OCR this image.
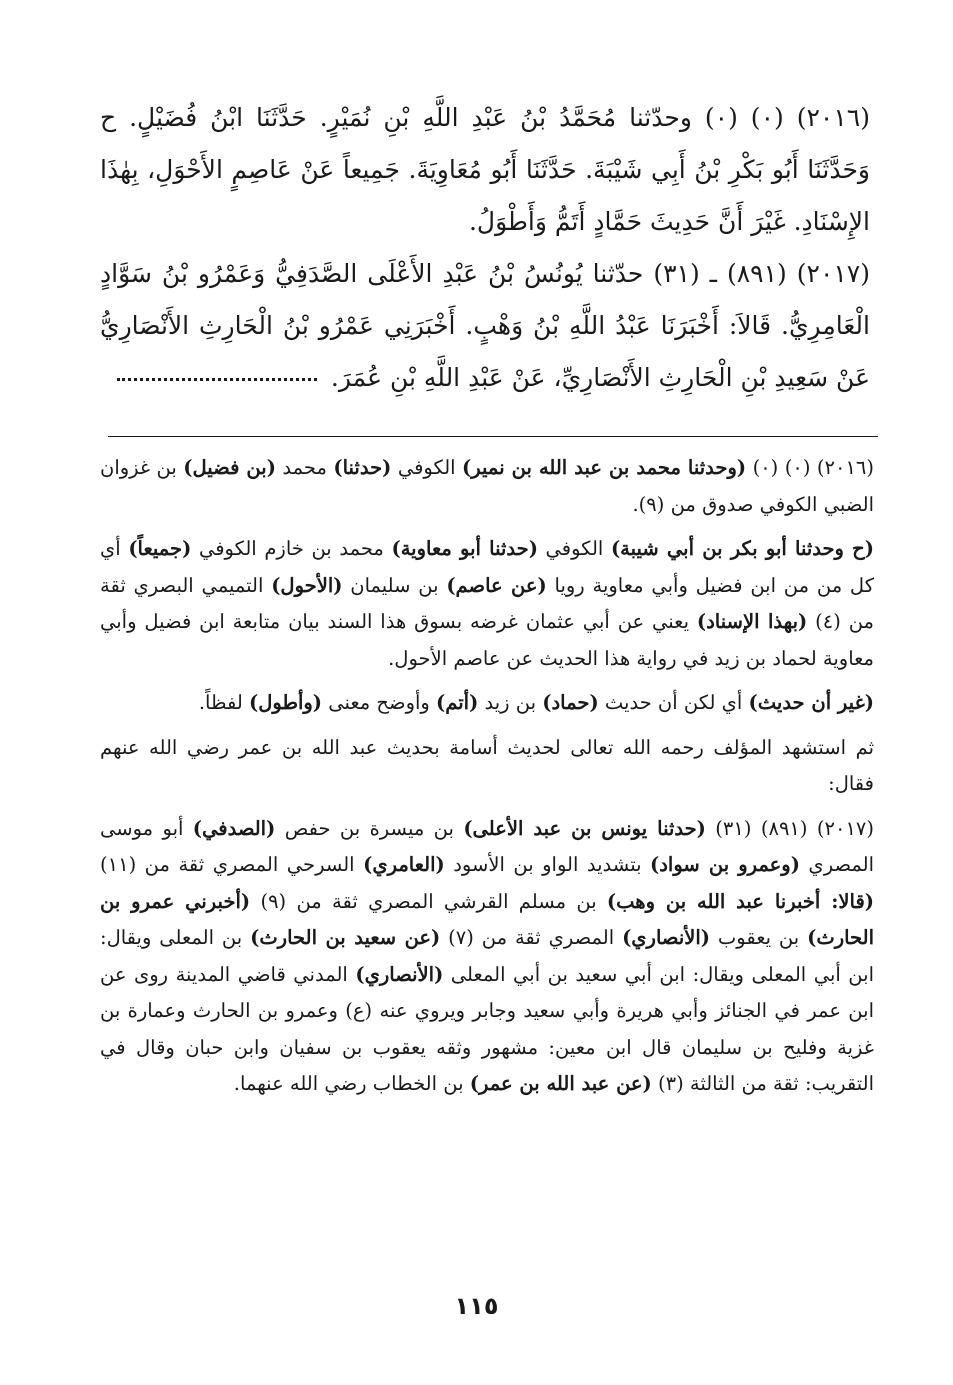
(٢٠١٦) (٠) (٠) وحدّثنا مُحَمَّدُ بْنُ عَبْدِ اللَّهِ بْنِ نُمَيْرٍ. حَدَّثَنَا ابْنُ فُضَيْلٍ. ح وَحَدَّثَنَا أَبُو بَكْرِ بْنُ أَبِي شَيْبَةَ. حَدَّثَنَا أَبُو مُعَاوِيَةَ. جَمِيعاً عَنْ عَاصِمٍ الأَحْوَلِ، بِهٰذَا الإِسْنَادِ. غَيْرَ أَنَّ حَدِيثَ حَمَّادٍ أَتَمُّ وَأَطْوَلُ.

(٢٠١٧) (٨٩١) ـ (٣١) حدّثنا يُونُسُ بْنُ عَبْدِ الأَعْلَى الصَّدَفِيُّ وَعَمْرُو بْنُ سَوَّادٍ الْعَامِرِيُّ. قَالاَ: أَخْبَرَنَا عَبْدُ اللَّهِ بْنُ وَهْبٍ. أَخْبَرَنِي عَمْرُو بْنُ الْحَارِثِ الأَنْصَارِيُّ عَنْ سَعِيدِ بْنِ الْحَارِثِ الأَنْصَارِيِّ، عَنْ عَبْدِ اللَّهِ بْنِ عُمَرَ.

(٢٠١٦) (٠) (٠) (وحدثنا محمد بن عبد الله بن نمير) الكوفي (حدثنا) محمد (بن فضيل) بن غزوان الضبي الكوفي صدوق من (٩).

(ح وحدثنا أبو بكر بن أبي شيبة) الكوفي (حدثنا أبو معاوية) محمد بن خازم الكوفي (جميعاً) أي كل من من ابن فضيل وأبي معاوية رويا (عن عاصم) بن سليمان (الأحول) التميمي البصري ثقة من (٤) (بهذا الإسناد) يعني عن أبي عثمان غرضه بسوق هذا السند بيان متابعة ابن فضيل وأبي معاوية لحماد بن زيد في رواية هذا الحديث عن عاصم الأحول.

(غير أن حديث) أي لكن أن حديث (حماد) بن زيد (أتم) وأوضح معنى (وأطول) لفظاً.

ثم استشهد المؤلف رحمه الله تعالى لحديث أسامة بحديث عبد الله بن عمر رضي الله عنهم فقال:

(٢٠١٧) (٨٩١) (٣١) (حدثنا يونس بن عبد الأعلى) بن ميسرة بن حفص (الصدفي) أبو موسى المصري (وعمرو بن سواد) بتشديد الواو بن الأسود (العامري) السرحي المصري ثقة من (١١) (قالا: أخبرنا عبد الله بن وهب) بن مسلم القرشي المصري ثقة من (٩) (أخبرني عمرو بن الحارث) بن يعقوب (الأنصاري) المصري ثقة من (٧) (عن سعيد بن الحارث) بن المعلى ويقال: ابن أبي المعلى ويقال: ابن أبي سعيد بن أبي المعلى (الأنصاري) المدني قاضي المدينة روى عن ابن عمر في الجنائز وأبي هريرة وأبي سعيد وجابر ويروي عنه (ع) وعمرو بن الحارث وعمارة بن غزية وفليح بن سليمان قال ابن معين: مشهور وثقه يعقوب بن سفيان وابن حبان وقال في التقريب: ثقة من الثالثة (٣) (عن عبد الله بن عمر) بن الخطاب رضي الله عنهما.

١١٥
